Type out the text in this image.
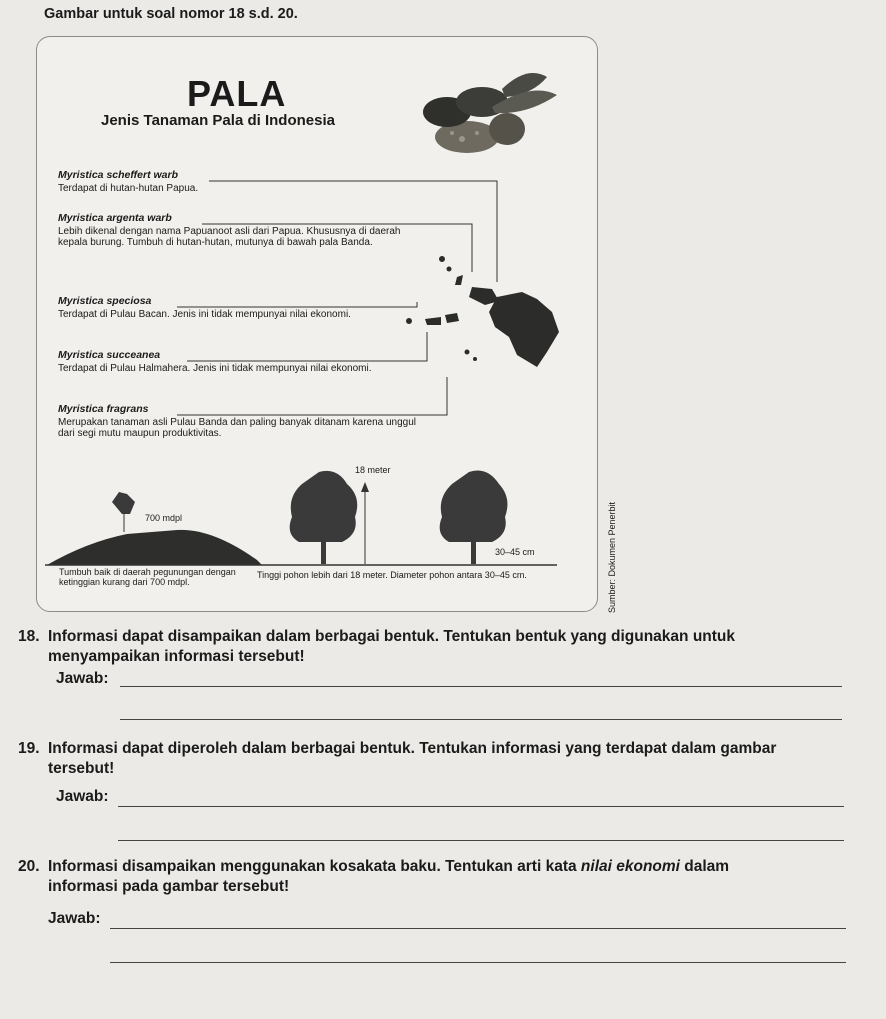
Gambar untuk soal nomor 18 s.d. 20.
PALA
Jenis Tanaman Pala di Indonesia
Myristica scheffert warb
Terdapat di hutan-hutan Papua.
Myristica argenta warb
Lebih dikenal dengan nama Papuanoot asli dari Papua. Khususnya di daerah kepala burung. Tumbuh di hutan-hutan, mutunya di bawah pala Banda.
Myristica speciosa
Terdapat di Pulau Bacan. Jenis ini tidak mempunyai nilai ekonomi.
Myristica succeanea
Terdapat di Pulau Halmahera. Jenis ini tidak mempunyai nilai ekonomi.
Myristica fragrans
Merupakan tanaman asli Pulau Banda dan paling banyak ditanam karena unggul dari segi mutu maupun produktivitas.
700 mdpl
18 meter
30–45 cm
Tumbuh baik di daerah pegunungan dengan ketinggian kurang dari 700 mdpl.
Tinggi pohon lebih dari 18 meter. Diameter pohon antara 30–45 cm.	Sumber: Dokumen Penerbit
18. Informasi dapat disampaikan dalam berbagai bentuk. Tentukan bentuk yang digunakan untuk
menyampaikan informasi tersebut!
Jawab:
19. Informasi dapat diperoleh dalam berbagai bentuk. Tentukan informasi yang terdapat dalam gambar
tersebut!
Jawab:
20. Informasi disampaikan menggunakan kosakata baku. Tentukan arti kata nilai ekonomi dalam
informasi pada gambar tersebut!
Jawab:
